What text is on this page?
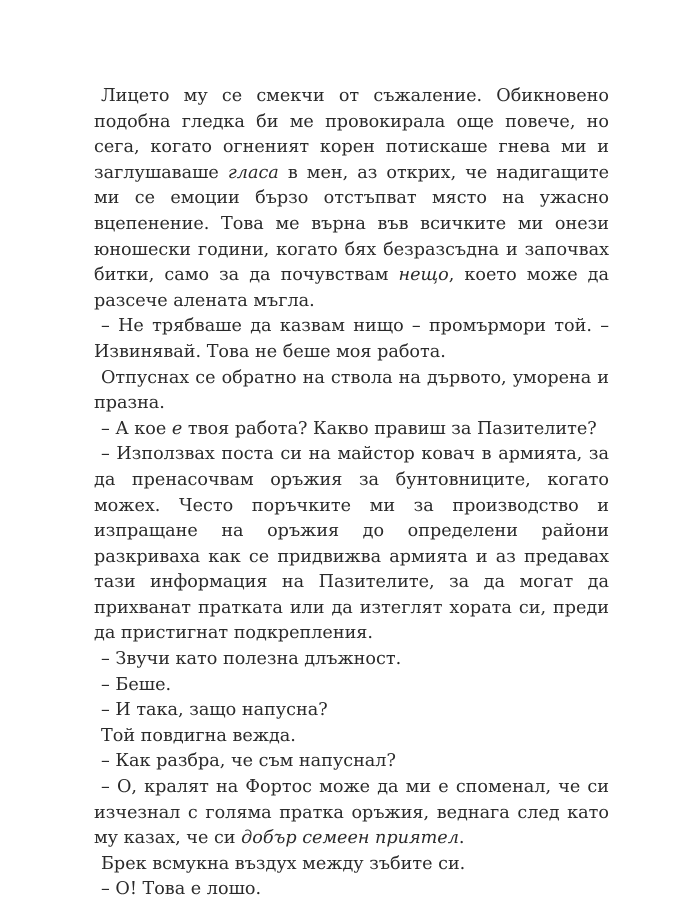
Лицето му се смекчи от съжаление. Обикновено подобна гледка би ме провокирала още повече, но сега, когато огненият корен потискаше гнева ми и заглушаваше гласа в мен, аз открих, че надигащите ми се емоции бързо отстъпват място на ужасно вцепенение. Това ме върна във всичките ми онези юношески години, когато бях безразсъдна и започвах битки, само за да почувствам нещо, което може да разсече алената мъгла.

– Не трябваше да казвам нищо – промърмори той. – Извинявай. Това не беше моя работа.

Отпуснах се обратно на ствола на дървото, уморена и празна.

– А кое е твоя работа? Какво правиш за Пазителите?

– Използвах поста си на майстор ковач в армията, за да пренасочвам оръжия за бунтовниците, когато можех. Често поръчките ми за производство и изпращане на оръжия до определени райони разкриваха как се придвижва армията и аз предавах тази информация на Пазителите, за да могат да прихванат пратката или да изтеглят хората си, преди да пристигнат подкрепления.

– Звучи като полезна длъжност.

– Беше.

– И така, защо напусна?

Той повдигна вежда.

– Как разбра, че съм напуснал?

– О, кралят на Фортос може да ми е споменал, че си изчезнал с голяма пратка оръжия, веднага след като му казах, че си добър семеен приятел.

Брек всмукна въздух между зъбите си.

– О! Това е лошо.
